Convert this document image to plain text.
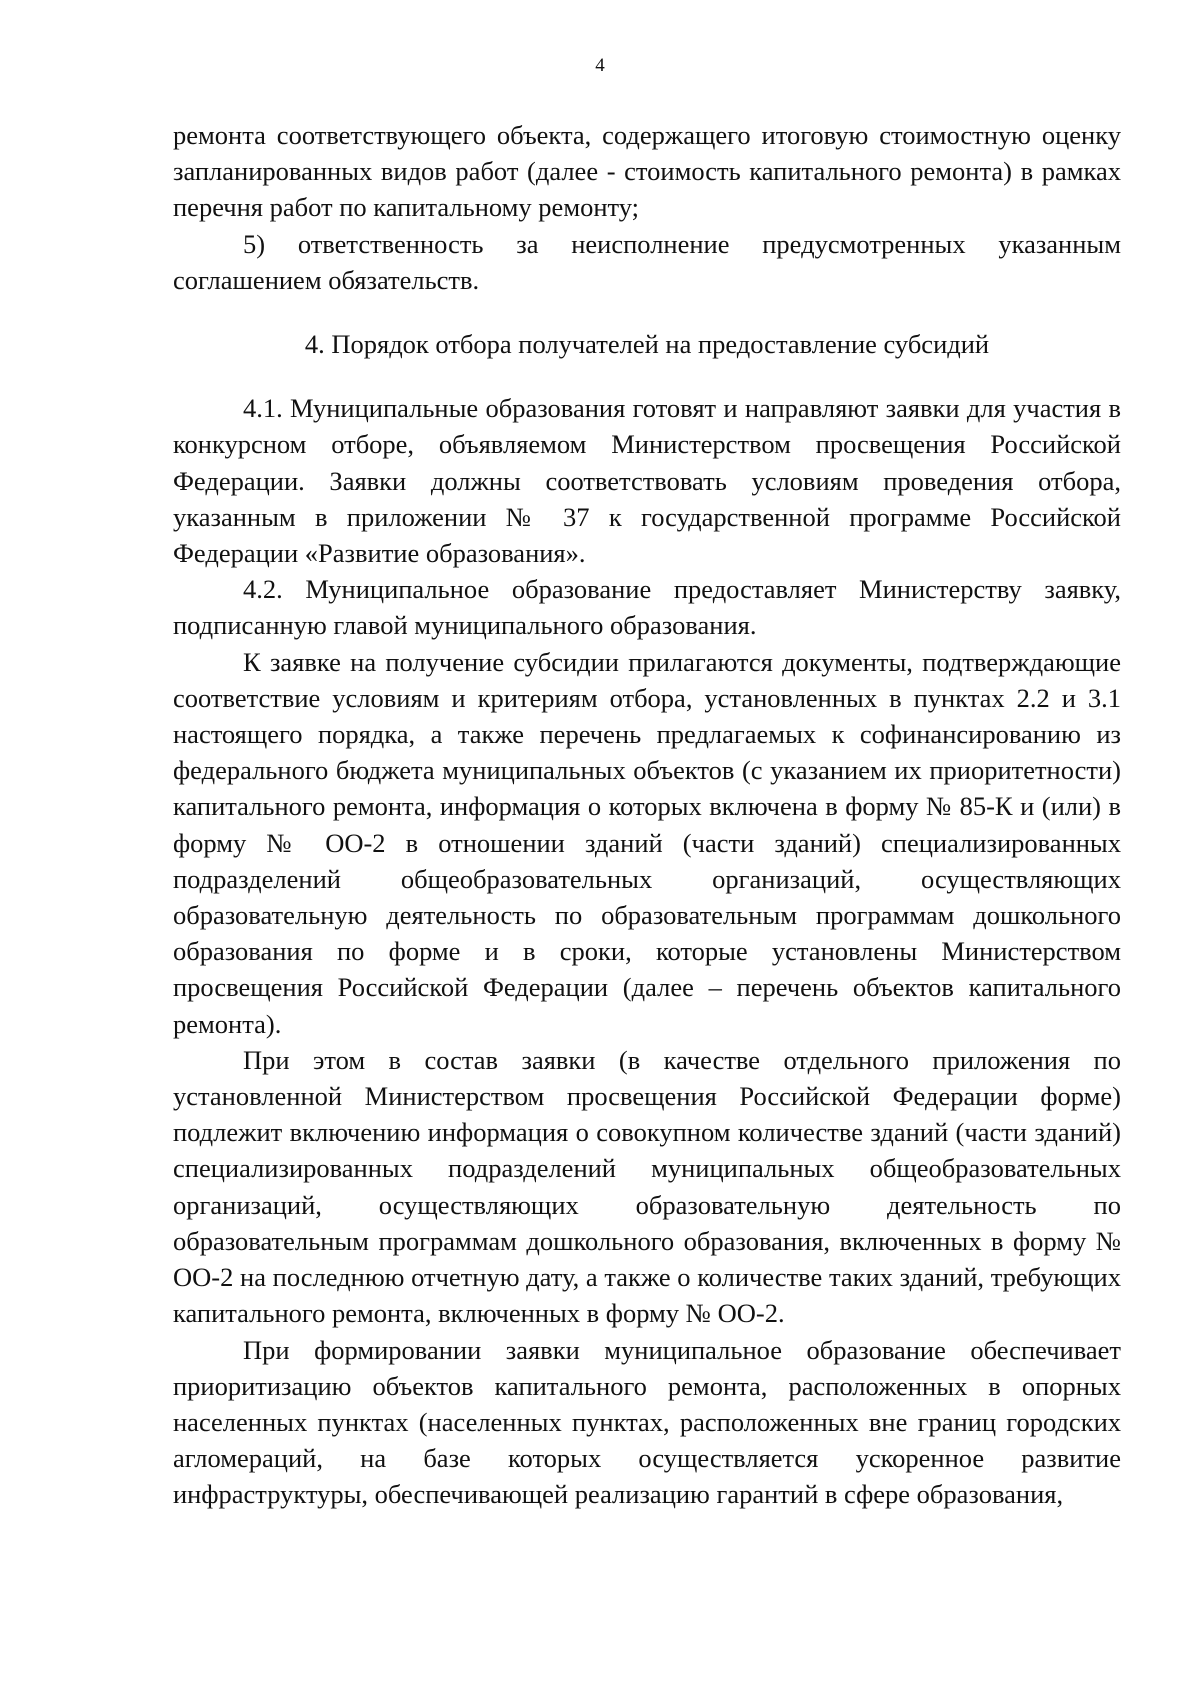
4

ремонта соответствующего объекта, содержащего итоговую стоимостную оценку запланированных видов работ (далее - стоимость капитального ремонта) в рамках перечня работ по капитальному ремонту;

5) ответственность за неисполнение предусмотренных указанным соглашением обязательств.

4. Порядок отбора получателей на предоставление субсидий

4.1. Муниципальные образования готовят и направляют заявки для участия в конкурсном отборе, объявляемом Министерством просвещения Российской Федерации. Заявки должны соответствовать условиям проведения отбора, указанным в приложении № 37 к государственной программе Российской Федерации «Развитие образования».

4.2. Муниципальное образование предоставляет Министерству заявку, подписанную главой муниципального образования.

К заявке на получение субсидии прилагаются документы, подтверждающие соответствие условиям и критериям отбора, установленных в пунктах 2.2 и 3.1 настоящего порядка, а также перечень предлагаемых к софинансированию из федерального бюджета муниципальных объектов (с указанием их приоритетности) капитального ремонта, информация о которых включена в форму № 85-К и (или) в форму № ОО-2 в отношении зданий (части зданий) специализированных подразделений общеобразовательных организаций, осуществляющих образовательную деятельность по образовательным программам дошкольного образования по форме и в сроки, которые установлены Министерством просвещения Российской Федерации (далее – перечень объектов капитального ремонта).

При этом в состав заявки (в качестве отдельного приложения по установленной Министерством просвещения Российской Федерации форме) подлежит включению информация о совокупном количестве зданий (части зданий) специализированных подразделений муниципальных общеобразовательных организаций, осуществляющих образовательную деятельность по образовательным программам дошкольного образования, включенных в форму № ОО-2 на последнюю отчетную дату, а также о количестве таких зданий, требующих капитального ремонта, включенных в форму № ОО-2.

При формировании заявки муниципальное образование обеспечивает приоритизацию объектов капитального ремонта, расположенных в опорных населенных пунктах (населенных пунктах, расположенных вне границ городских агломераций, на базе которых осуществляется ускоренное развитие инфраструктуры, обеспечивающей реализацию гарантий в сфере образования,
